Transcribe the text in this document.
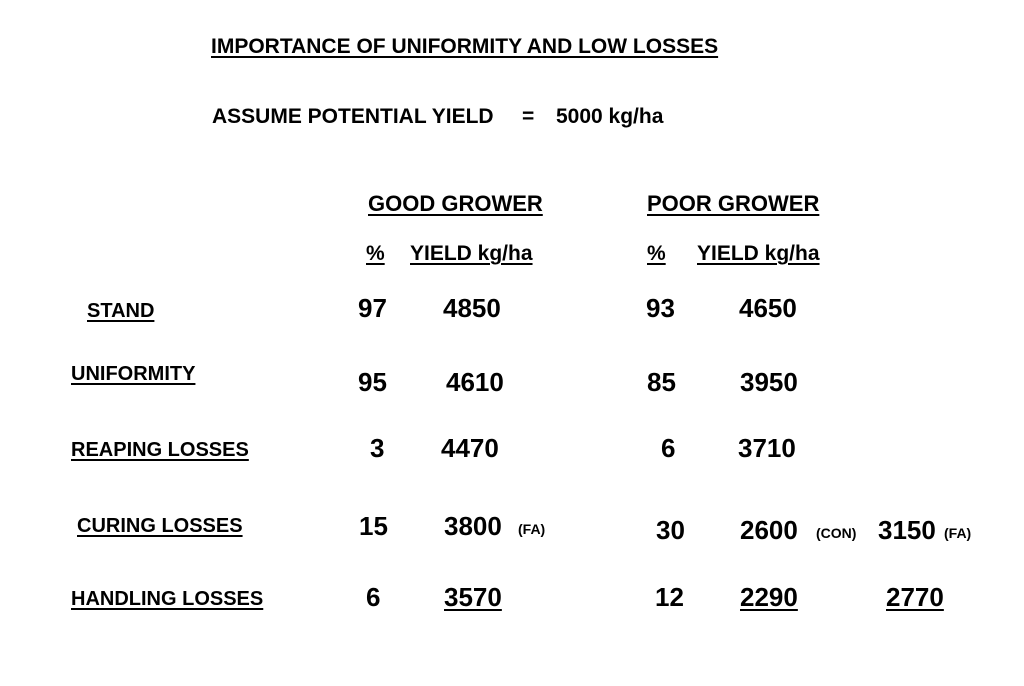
IMPORTANCE OF UNIFORMITY AND LOW LOSSES
ASSUME POTENTIAL YIELD = 5000 kg/ha
GOOD GROWER	POOR GROWER
% YIELD kg/ha	% YIELD kg/ha
STAND	97 4850	93 4650
UNIFORMITY	95 4610	85 3950
REAPING LOSSES	3 4470	6 3710
CURING LOSSES	15 3800 (FA)	30 2600 (CON) 3150 (FA)
HANDLING LOSSES	6 3570	12 2290	2770
